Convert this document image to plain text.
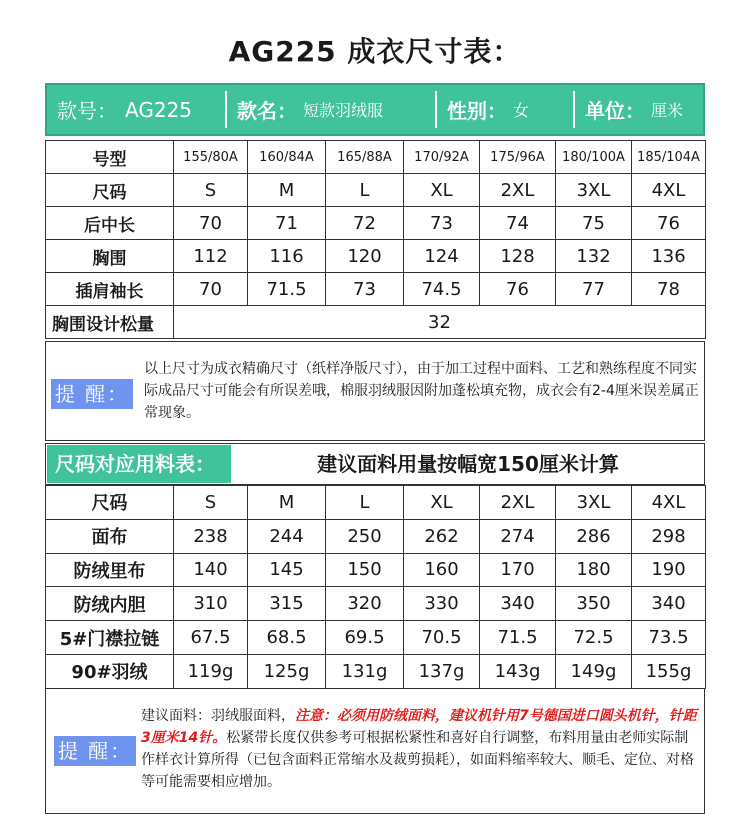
AG225 成衣尺寸表：
款号： AG225 款名： 短款羽绒服	性别： 女	单位： 厘米
号型	155/80A	160/84A	165/88A	170/92A	175/96A	180/100A	185/104A
尺码	S	M	L	XL	2XL	3XL	4XL
后中长	70	71	72	73	74	75	76
胸围	112	116	120	124	128	132	136
插肩袖长	70	71.5	73	74.5	76	77	78
胸围设计松量	32						
提 醒：
以上尺寸为成衣精确尺寸（纸样净版尺寸），由于加工过程中面料、工艺和熟练程度不同实际成品尺寸可能会有所误差哦，棉服羽绒服因附加蓬松填充物，成衣会有2-4厘米误差属正常现象。
尺码对应用料表：	建议面料用量按幅宽150厘米计算
尺码	S	M	L	XL	2XL	3XL	4XL
面布	238	244	250	262	274	286	298
防绒里布	140	145	150	160	170	180	190
防绒内胆	310	315	320	330	340	350	340
5#门襟拉链	67.5	68.5	69.5	70.5	71.5	72.5	73.5
90#羽绒	119g	125g	131g	137g	143g	149g	155g
提 醒：
建议面料：羽绒服面料，注意：必须用防绒面料，建议机针用7号德国进口圆头机针，针距3厘米14针。松紧带长度仅供参考可根据松紧性和喜好自行调整，布料用量由老师实际制作样衣计算所得（已包含面料正常缩水及裁剪损耗），如面料缩率较大、顺毛、定位、对格等可能需要相应增加。
